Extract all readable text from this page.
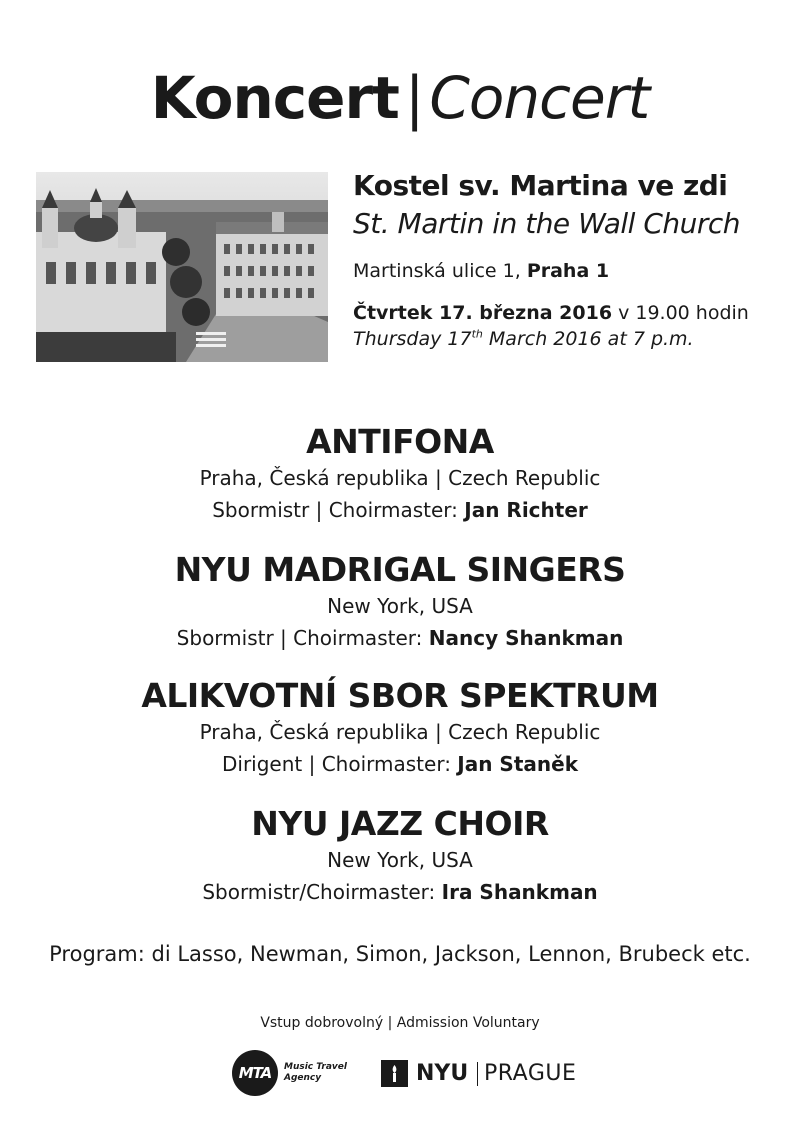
Koncert | Concert
Kostel sv. Martina ve zdi
St. Martin in the Wall Church
Martinská ulice 1, Praha 1
Čtvrtek 17. března 2016 v 19.00 hodin
Thursday 17th March 2016 at 7 p.m.
ANTIFONA
Praha, Česká republika | Czech Republic
Sbormistr | Choirmaster: Jan Richter
NYU MADRIGAL SINGERS
New York, USA
Sbormistr | Choirmaster: Nancy Shankman
ALIKVOTNÍ SBOR SPEKTRUM
Praha, Česká republika | Czech Republic
Dirigent | Choirmaster: Jan Staněk
NYU JAZZ CHOIR
New York, USA
Sbormistr/Choirmaster: Ira Shankman
Program: di Lasso, Newman, Simon, Jackson, Lennon, Brubeck etc.
Vstup dobrovolný | Admission Voluntary
MTA	Music Travel
Agency	NYU PRAGUE
